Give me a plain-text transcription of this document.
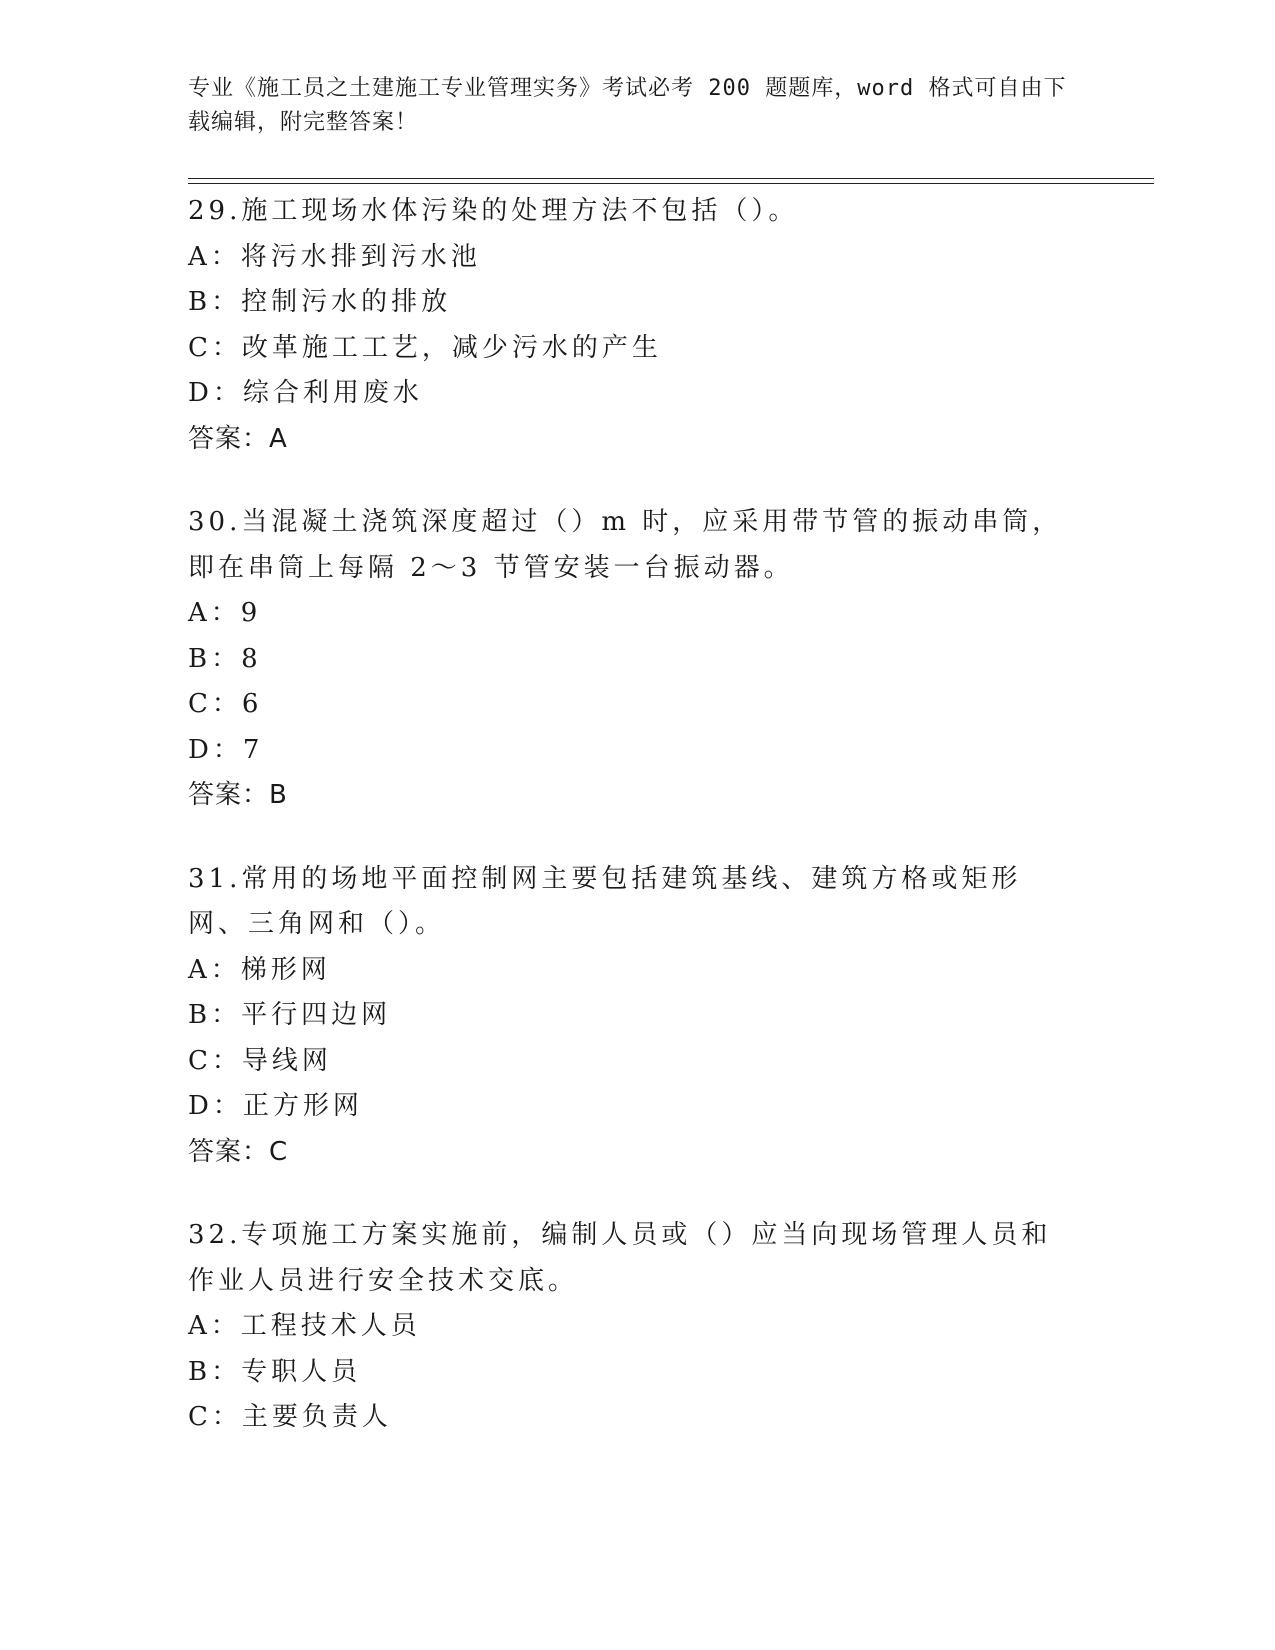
专业《施工员之土建施工专业管理实务》考试必考 200 题题库，word 格式可自由下载编辑，附完整答案！
29.施工现场水体污染的处理方法不包括（）。
A：将污水排到污水池
B：控制污水的排放
C：改革施工工艺，减少污水的产生
D：综合利用废水
答案：A
30.当混凝土浇筑深度超过（）m 时，应采用带节管的振动串筒，即在串筒上每隔 2～3 节管安装一台振动器。
A：9
B：8
C：6
D：7
答案：B
31.常用的场地平面控制网主要包括建筑基线、建筑方格或矩形网、三角网和（）。
A：梯形网
B：平行四边网
C：导线网
D：正方形网
答案：C
32.专项施工方案实施前，编制人员或（）应当向现场管理人员和作业人员进行安全技术交底。
A：工程技术人员
B：专职人员
C：主要负责人
